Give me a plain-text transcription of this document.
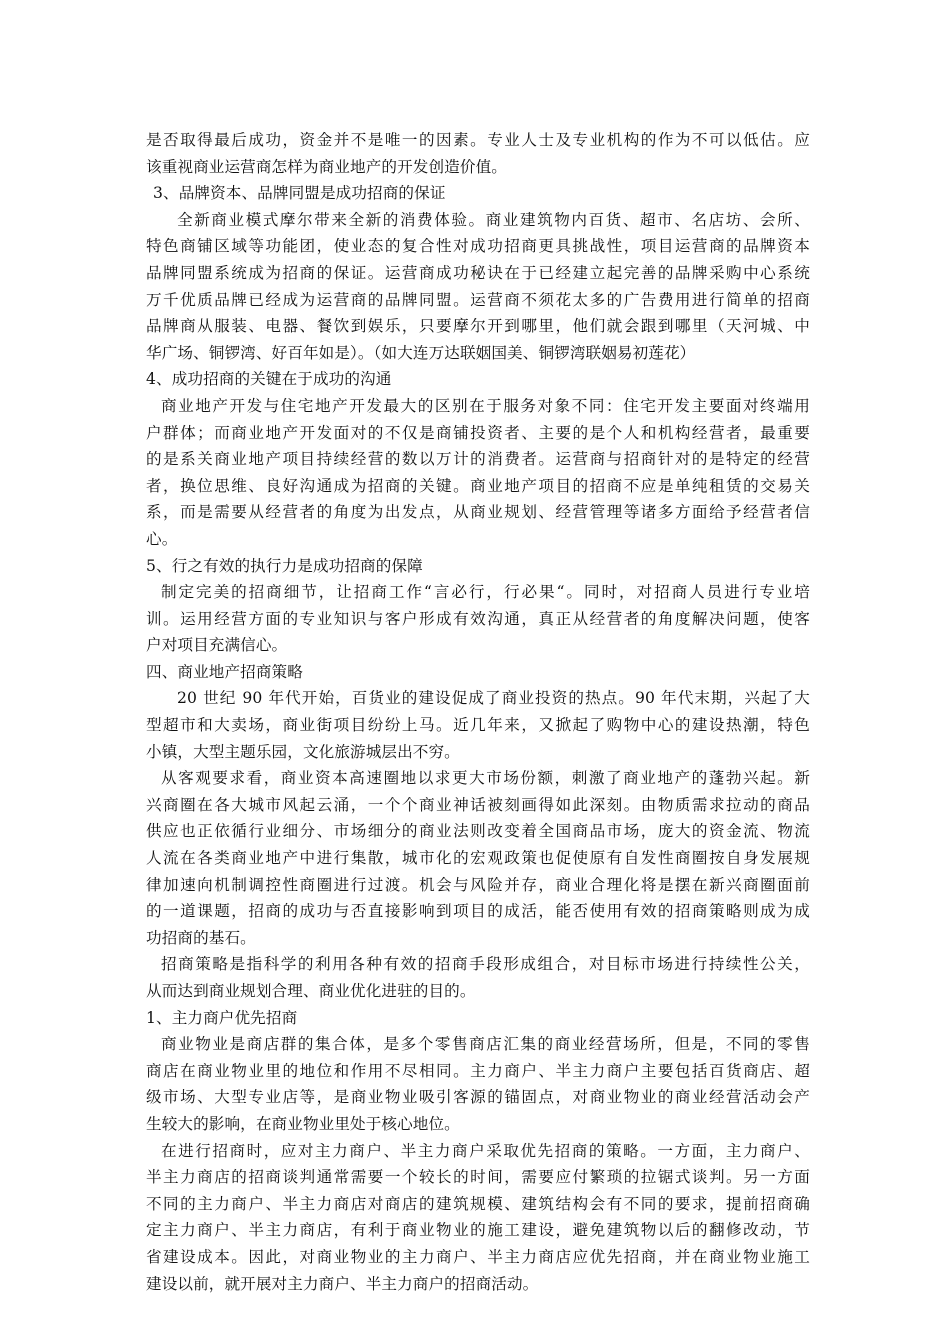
是否取得最后成功，资金并不是唯一的因素。专业人士及专业机构的作为不可以低估。应
该重视商业运营商怎样为商业地产的开发创造价值。
3、品牌资本、品牌同盟是成功招商的保证
全新商业模式摩尔带来全新的消费体验。商业建筑物内百货、超市、名店坊、会所、
特色商铺区域等功能团，使业态的复合性对成功招商更具挑战性，项目运营商的品牌资本
品牌同盟系统成为招商的保证。运营商成功秘诀在于已经建立起完善的品牌采购中心系统
万千优质品牌已经成为运营商的品牌同盟。运营商不须花太多的广告费用进行简单的招商
品牌商从服装、电器、餐饮到娱乐，只要摩尔开到哪里，他们就会跟到哪里（天河城、中
华广场、铜锣湾、好百年如是）。（如大连万达联姻国美、铜锣湾联姻易初莲花）
4、成功招商的关键在于成功的沟通
商业地产开发与住宅地产开发最大的区别在于服务对象不同：住宅开发主要面对终端用
户群体；而商业地产开发面对的不仅是商铺投资者、主要的是个人和机构经营者，最重要
的是系关商业地产项目持续经营的数以万计的消费者。运营商与招商针对的是特定的经营
者，换位思维、良好沟通成为招商的关键。商业地产项目的招商不应是单纯租赁的交易关
系，而是需要从经营者的角度为出发点，从商业规划、经营管理等诸多方面给予经营者信
心。
5、行之有效的执行力是成功招商的保障
制定完美的招商细节，让招商工作“言必行，行必果“。同时，对招商人员进行专业培
训。运用经营方面的专业知识与客户形成有效沟通，真正从经营者的角度解决问题，使客
户对项目充满信心。
四、商业地产招商策略
20 世纪 90 年代开始，百货业的建设促成了商业投资的热点。90 年代末期，兴起了大
型超市和大卖场，商业街项目纷纷上马。近几年来，又掀起了购物中心的建设热潮，特色
小镇，大型主题乐园，文化旅游城层出不穷。
从客观要求看，商业资本高速圈地以求更大市场份额，刺激了商业地产的蓬勃兴起。新
兴商圈在各大城市风起云涌，一个个商业神话被刻画得如此深刻。由物质需求拉动的商品
供应也正依循行业细分、市场细分的商业法则改变着全国商品市场，庞大的资金流、物流
人流在各类商业地产中进行集散，城市化的宏观政策也促使原有自发性商圈按自身发展规
律加速向机制调控性商圈进行过渡。机会与风险并存，商业合理化将是摆在新兴商圈面前
的一道课题，招商的成功与否直接影响到项目的成活，能否使用有效的招商策略则成为成
功招商的基石。
招商策略是指科学的利用各种有效的招商手段形成组合，对目标市场进行持续性公关，
从而达到商业规划合理、商业优化进驻的目的。
1、主力商户优先招商
商业物业是商店群的集合体，是多个零售商店汇集的商业经营场所，但是，不同的零售
商店在商业物业里的地位和作用不尽相同。主力商户、半主力商户主要包括百货商店、超
级市场、大型专业店等，是商业物业吸引客源的锚固点，对商业物业的商业经营活动会产
生较大的影响，在商业物业里处于核心地位。
在进行招商时，应对主力商户、半主力商户采取优先招商的策略。一方面，主力商户、
半主力商店的招商谈判通常需要一个较长的时间，需要应付繁琐的拉锯式谈判。另一方面
不同的主力商户、半主力商店对商店的建筑规模、建筑结构会有不同的要求，提前招商确
定主力商户、半主力商店，有利于商业物业的施工建设，避免建筑物以后的翻修改动，节
省建设成本。因此，对商业物业的主力商户、半主力商店应优先招商，并在商业物业施工
建设以前，就开展对主力商户、半主力商户的招商活动。
